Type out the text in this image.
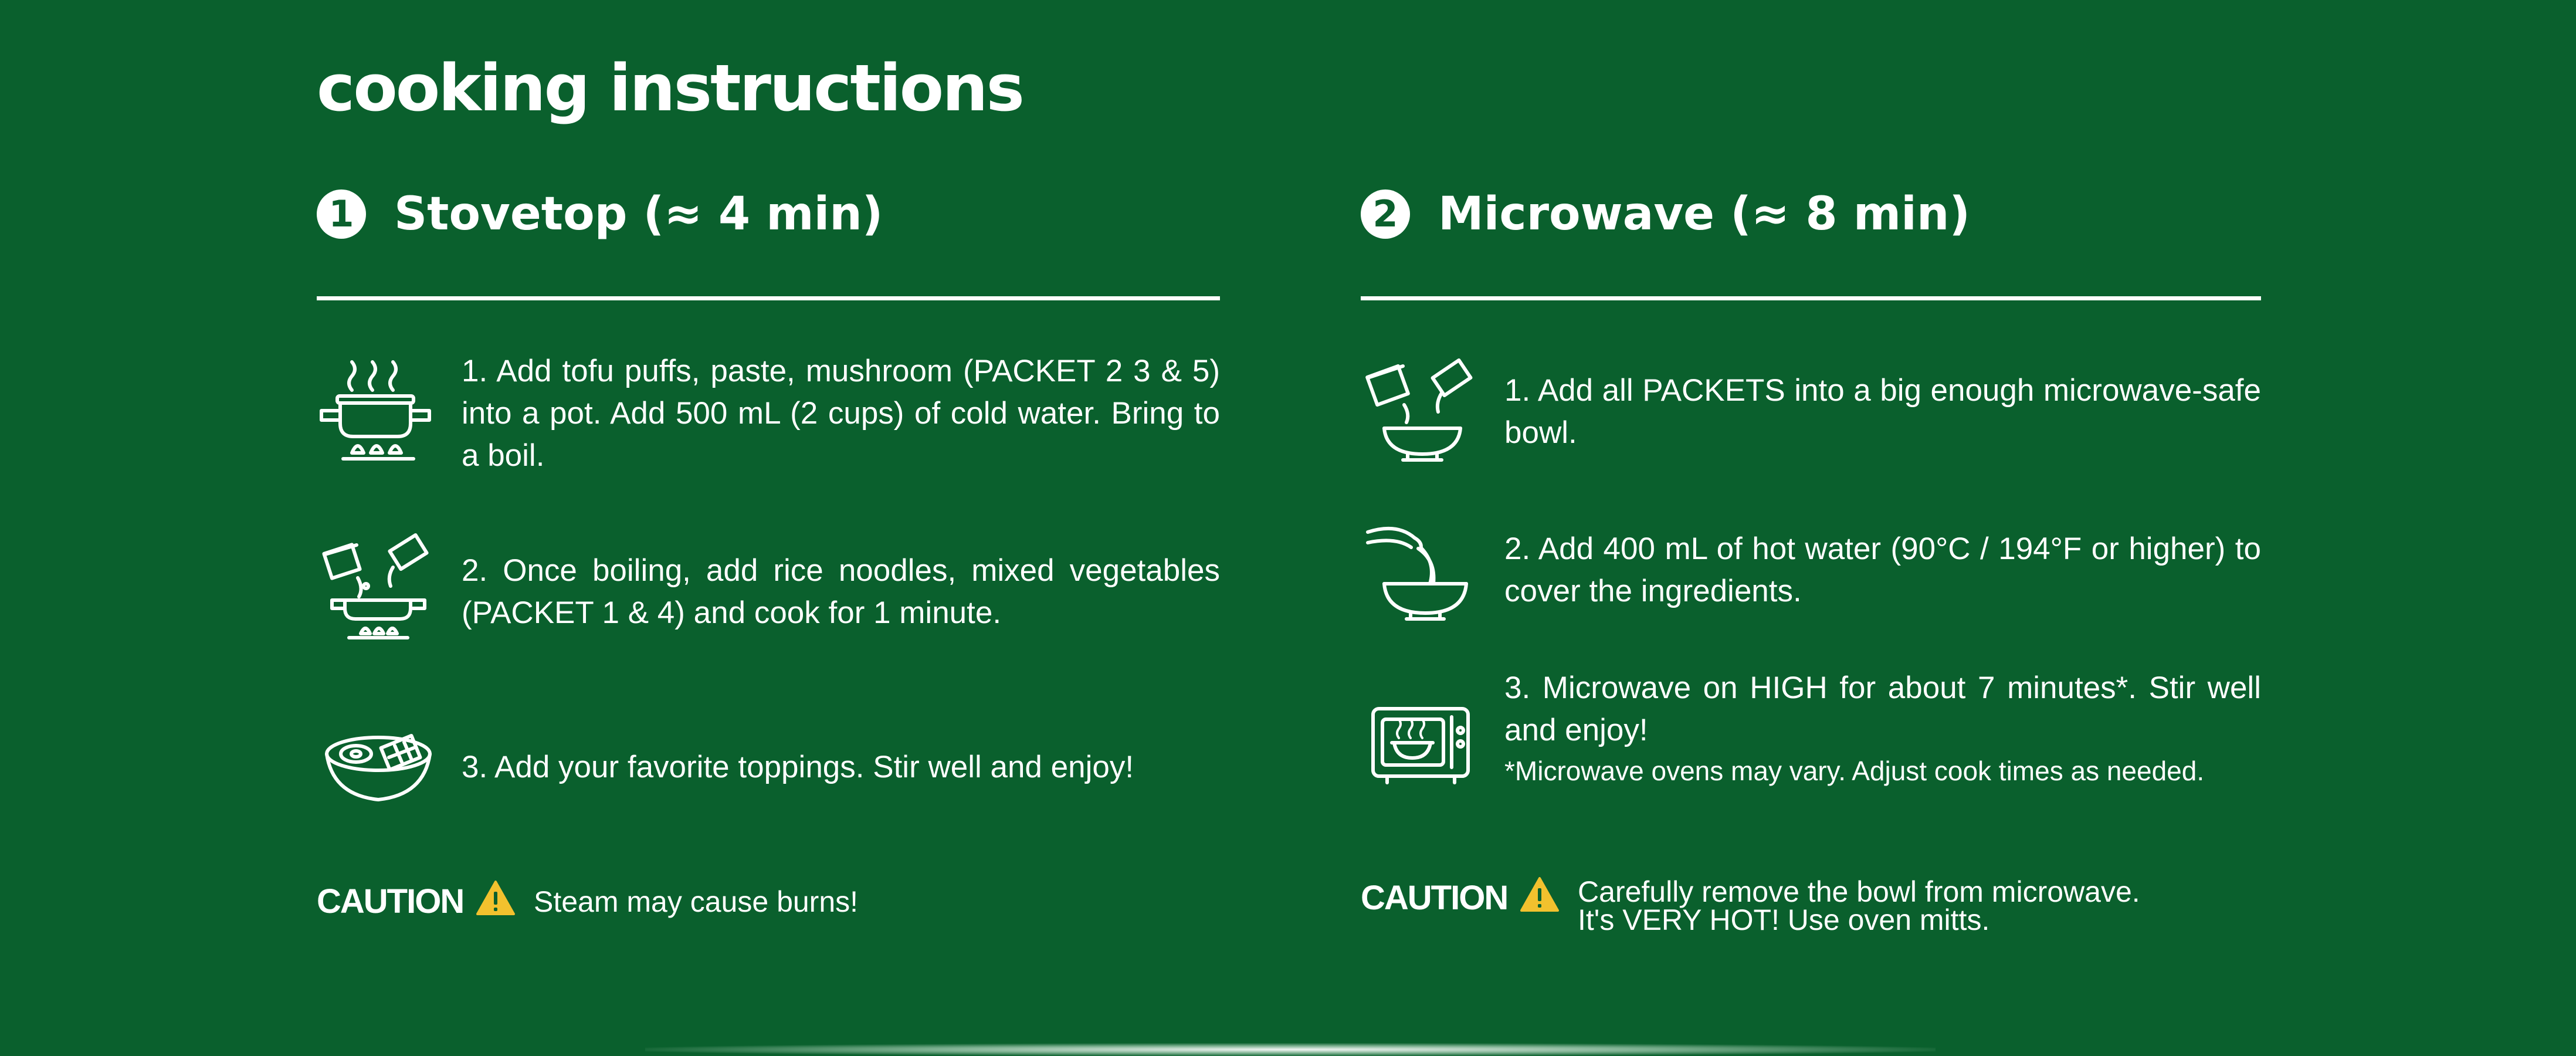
cooking instructions
1 Stovetop (≈ 4 min)

1. Add tofu puffs, paste, mushroom (PACKET 2 3 & 5) into a pot. Add 500 mL (2 cups) of cold water. Bring to a boil.

2. Once boiling, add rice noodles, mixed vegetables (PACKET 1 & 4) and cook for 1 minute.

3. Add your favorite toppings. Stir well and enjoy!

CAUTION Steam may cause burns!
2 Microwave (≈ 8 min)

1. Add all PACKETS into a big enough microwave-safe bowl.

2. Add 400 mL of hot water (90°C / 194°F or higher) to cover the ingredients.

3. Microwave on HIGH for about 7 minutes*. Stir well and enjoy!
*Microwave ovens may vary. Adjust cook times as needed.
CAUTION Carefully remove the bowl from microwave.
It's VERY HOT! Use oven mitts.
